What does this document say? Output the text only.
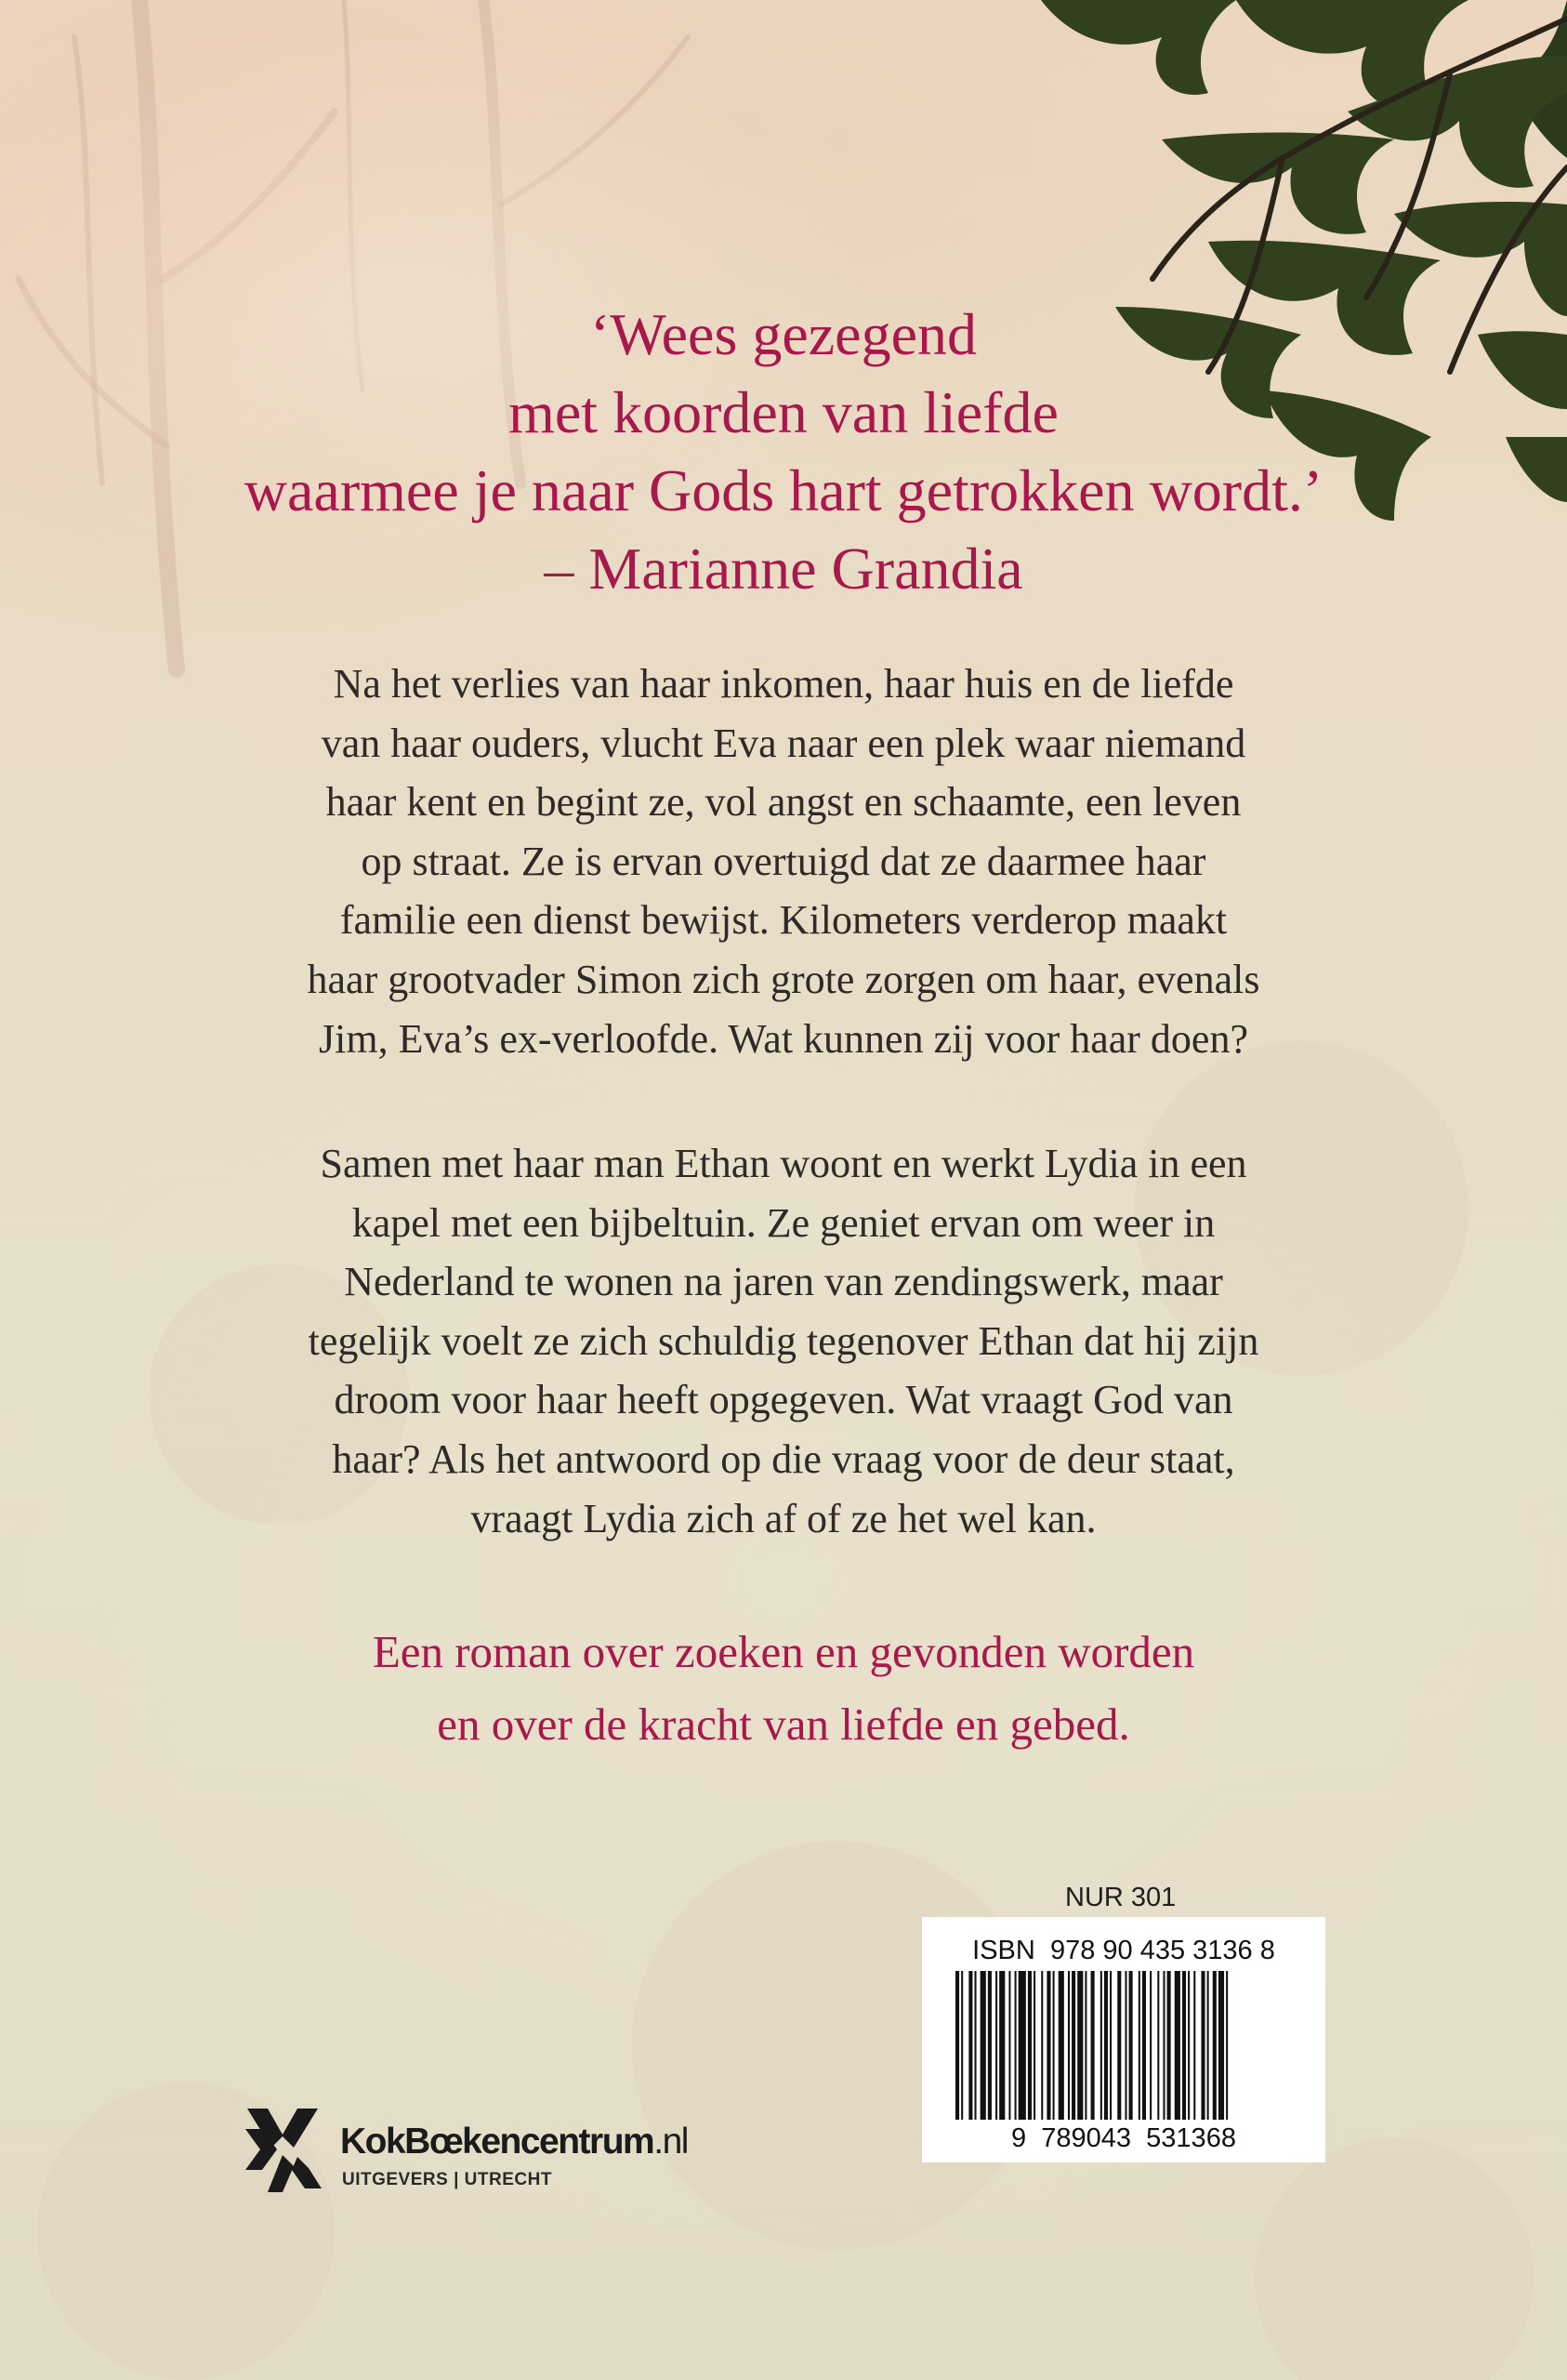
‘Wees gezegend
met koorden van liefde
waarmee je naar Gods hart getrokken wordt.’
– Marianne Grandia

Na het verlies van haar inkomen, haar huis en de liefde
van haar ouders, vlucht Eva naar een plek waar niemand
haar kent en begint ze, vol angst en schaamte, een leven
op straat. Ze is ervan overtuigd dat ze daarmee haar
familie een dienst bewijst. Kilometers verderop maakt
haar grootvader Simon zich grote zorgen om haar, evenals
Jim, Eva’s ex-verloofde. Wat kunnen zij voor haar doen?

Samen met haar man Ethan woont en werkt Lydia in een
kapel met een bijbeltuin. Ze geniet ervan om weer in
Nederland te wonen na jaren van zendingswerk, maar
tegelijk voelt ze zich schuldig tegenover Ethan dat hij zijn
droom voor haar heeft opgegeven. Wat vraagt God van
haar? Als het antwoord op die vraag voor de deur staat,
vraagt Lydia zich af of ze het wel kan.

Een roman over zoeken en gevonden worden
en over de kracht van liefde en gebed.

NUR 301
ISBN  978 90 435 3136 8
9  789043  531368
KokBœkencentrum.nl
UITGEVERS | UTRECHT
